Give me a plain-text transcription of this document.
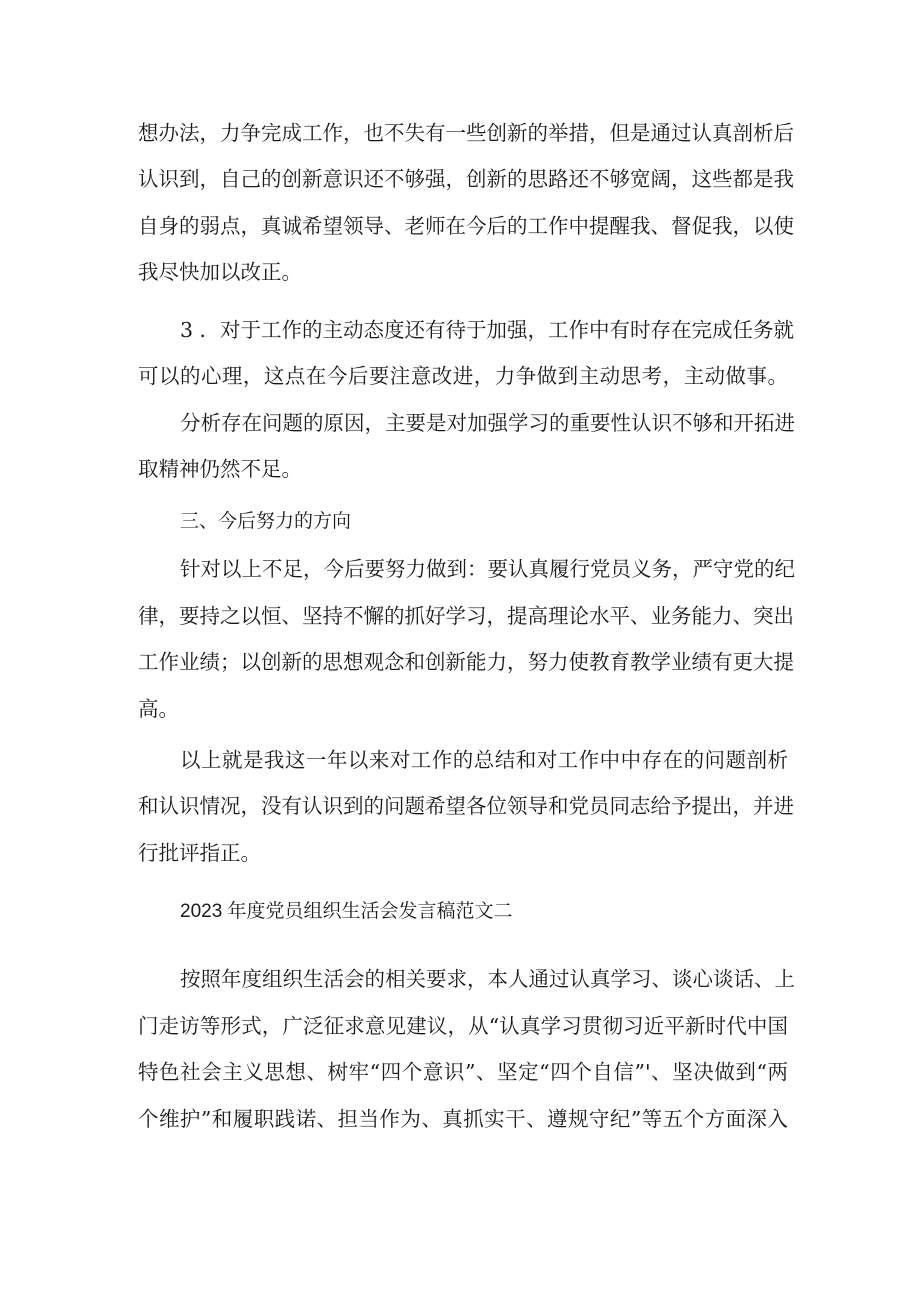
想办法，力争完成工作，也不失有一些创新的举措，但是通过认真剖析后
认识到，自己的创新意识还不够强，创新的思路还不够宽阔，这些都是我
自身的弱点，真诚希望领导、老师在今后的工作中提醒我、督促我，以使
我尽快加以改正。
3 ．对于工作的主动态度还有待于加强，工作中有时存在完成任务就
可以的心理，这点在今后要注意改进，力争做到主动思考，主动做事。
分析存在问题的原因，主要是对加强学习的重要性认识不够和开拓进
取精神仍然不足。
三、今后努力的方向
针对以上不足，今后要努力做到：要认真履行党员义务，严守党的纪
律，要持之以恒、坚持不懈的抓好学习，提高理论水平、业务能力、突出
工作业绩；以创新的思想观念和创新能力，努力使教育教学业绩有更大提
高。
以上就是我这一年以来对工作的总结和对工作中中存在的问题剖析
和认识情况，没有认识到的问题希望各位领导和党员同志给予提出，并进
行批评指正。
2023 年度党员组织生活会发言稿范文二
按照年度组织生活会的相关要求，本人通过认真学习、谈心谈话、上
门走访等形式，广泛征求意见建议，从“认真学习贯彻习近平新时代中国
特色社会主义思想、树牢“四个意识”、坚定“四个自信”'、坚决做到“两
个维护”和履职践诺、担当作为、真抓实干、遵规守纪”等五个方面深入
